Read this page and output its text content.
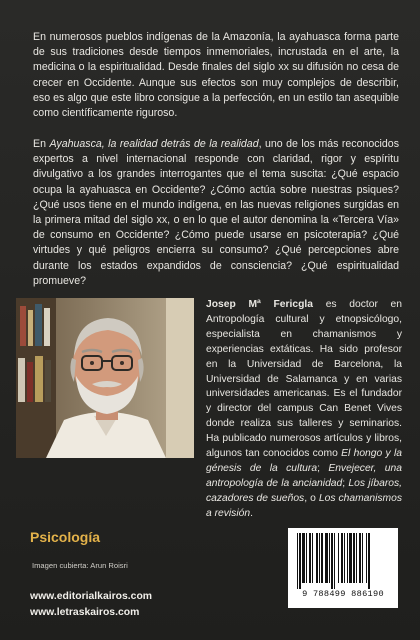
En numerosos pueblos indígenas de la Amazonía, la ayahuasca forma parte de sus tradiciones desde tiempos inmemoriales, incrustada en el arte, la medicina o la espiritualidad. Desde finales del siglo xx su difusión no cesa de crecer en Occidente. Aunque sus efectos son muy complejos de describir, eso es algo que este libro consigue a la perfección, en un estilo tan asequible como científicamente riguroso.

En Ayahuasca, la realidad detrás de la realidad, uno de los más reconocidos expertos a nivel internacional responde con claridad, rigor y espíritu divulgativo a los grandes interrogantes que el tema suscita: ¿Qué espacio ocupa la ayahuasca en Occidente? ¿Cómo actúa sobre nuestras psiques? ¿Qué usos tiene en el mundo indígena, en las nuevas religiones surgidas en la primera mitad del siglo xx, o en lo que el autor denomina la «Tercera Vía» de consumo en Occidente? ¿Cómo puede usarse en psicoterapia? ¿Qué virtudes y qué peligros encierra su consumo? ¿Qué percepciones abre durante los estados expandidos de consciencia? ¿Qué espiritualidad promueve?

Josep Mª Fericgla es doctor en Antropología cultural y etnopsicólogo, especialista en chamanismos y experiencias extáticas. Ha sido profesor en la Universidad de Barcelona, la Universidad de Salamanca y en varias universidades americanas. Es el fundador y director del campus Can Benet Vives donde realiza sus talleres y seminarios. Ha publicado numerosos artículos y libros, algunos tan conocidos como El hongo y la génesis de la cultura; Envejecer, una antropología de la ancianidad; Los jíbaros, cazadores de sueños, o Los chamanismos a revisión.

Psicología
Imagen cubierta: Arun Roisri
www.editorialkairos.com
www.letraskairos.com
9 788499 886190
